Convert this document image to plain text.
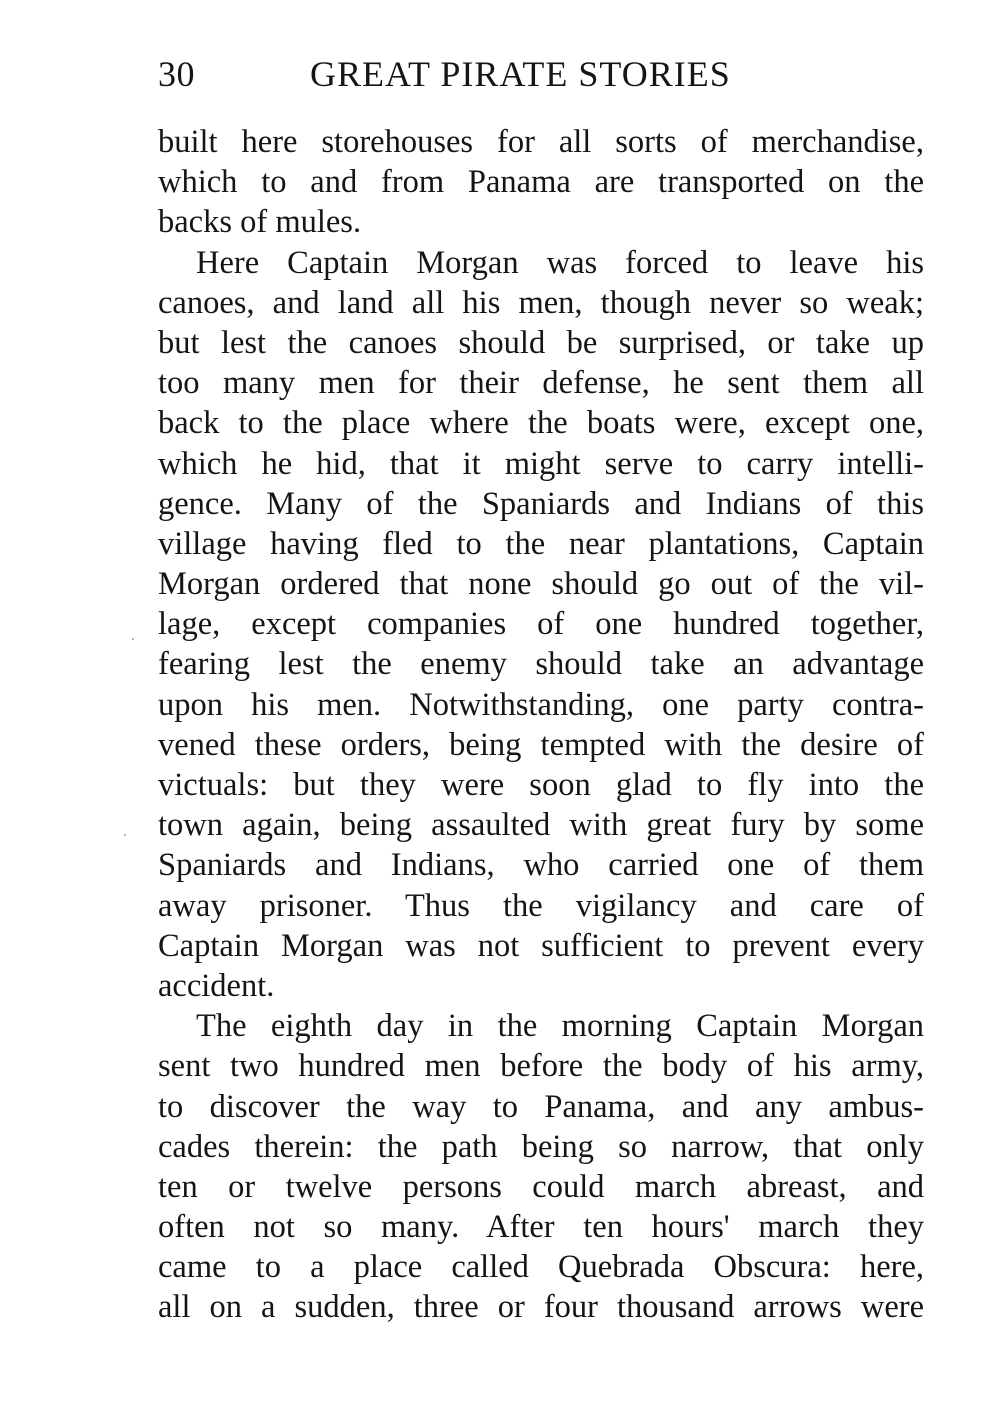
30	GREAT PIRATE STORIES
built here storehouses for all sorts of merchandise,
which to and from Panama are transported on the
backs of mules.
Here Captain Morgan was forced to leave his
canoes, and land all his men, though never so weak;
but lest the canoes should be surprised, or take up
too many men for their defense, he sent them all
back to the place where the boats were, except one,
which he hid, that it might serve to carry intelli-
gence. Many of the Spaniards and Indians of this
village having fled to the near plantations, Captain
Morgan ordered that none should go out of the vil-
lage, except companies of one hundred together,
fearing lest the enemy should take an advantage
upon his men. Notwithstanding, one party contra-
vened these orders, being tempted with the desire of
victuals: but they were soon glad to fly into the
town again, being assaulted with great fury by some
Spaniards and Indians, who carried one of them
away prisoner. Thus the vigilancy and care of
Captain Morgan was not sufficient to prevent every
accident.
The eighth day in the morning Captain Morgan
sent two hundred men before the body of his army,
to discover the way to Panama, and any ambus-
cades therein: the path being so narrow, that only
ten or twelve persons could march abreast, and
often not so many. After ten hours' march they
came to a place called Quebrada Obscura: here,
all on a sudden, three or four thousand arrows were
